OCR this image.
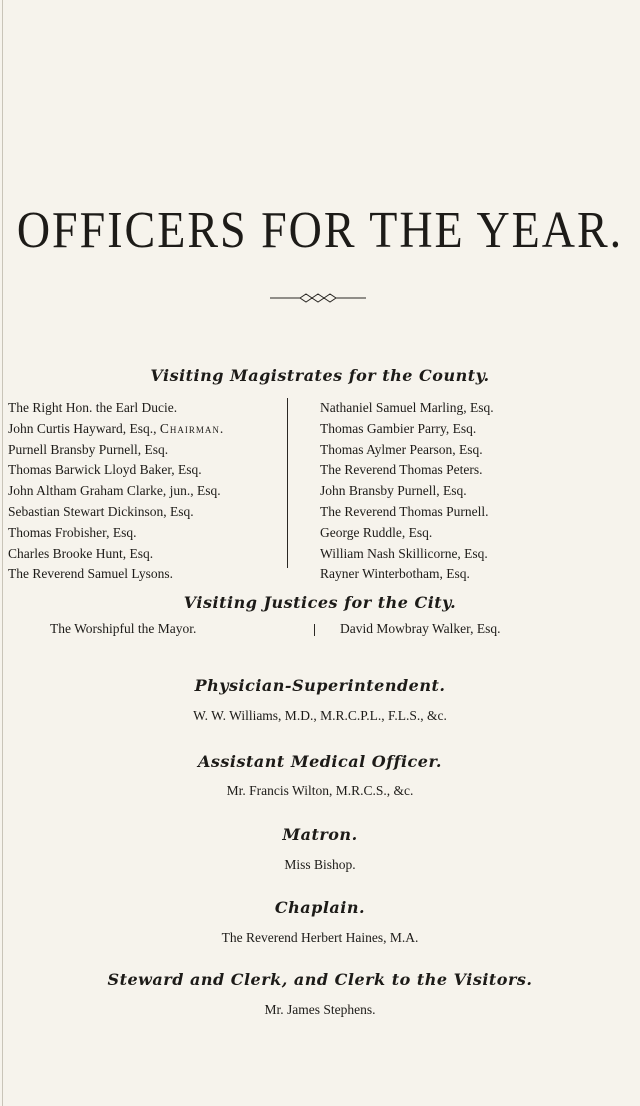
OFFICERS FOR THE YEAR.
Visiting Magistrates for the County.
The Right Hon. the Earl Ducie.
John Curtis Hayward, Esq., Chairman.
Purnell Bransby Purnell, Esq.
Thomas Barwick Lloyd Baker, Esq.
John Altham Graham Clarke, jun., Esq.
Sebastian Stewart Dickinson, Esq.
Thomas Frobisher, Esq.
Charles Brooke Hunt, Esq.
The Reverend Samuel Lysons.
Nathaniel Samuel Marling, Esq.
Thomas Gambier Parry, Esq.
Thomas Aylmer Pearson, Esq.
The Reverend Thomas Peters.
John Bransby Purnell, Esq.
The Reverend Thomas Purnell.
George Ruddle, Esq.
William Nash Skillicorne, Esq.
Rayner Winterbotham, Esq.
Visiting Justices for the City.
The Worshipful the Mayor.	David Mowbray Walker, Esq.
Physician-Superintendent.
W. W. Williams, M.D., M.R.C.P.L., F.L.S., &c.
Assistant Medical Officer.
Mr. Francis Wilton, M.R.C.S., &c.
Matron.
Miss Bishop.
Chaplain.
The Reverend Herbert Haines, M.A.
Steward and Clerk, and Clerk to the Visitors.
Mr. James Stephens.
